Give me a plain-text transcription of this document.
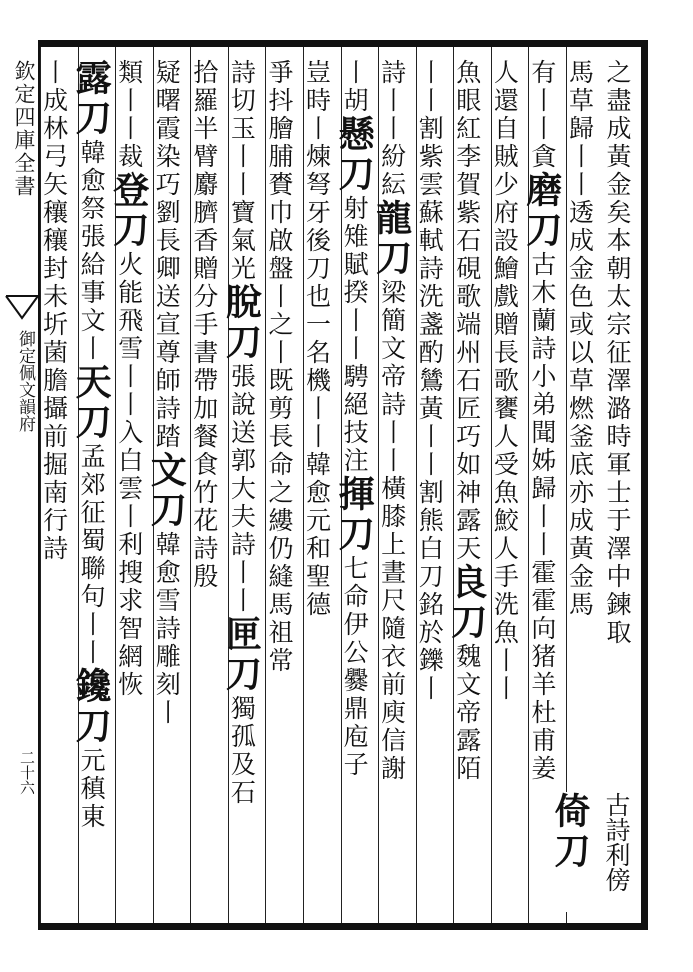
欽定四庫全書
御定佩文韻府
二十六
之盡成黃金矣本朝太宗征澤潞時軍士于澤中鍊取
馬草歸丨丨透成金色或以草燃釜底亦成黃金馬
有丨丨貪磨刀古木蘭詩小弟聞姊歸丨丨霍霍向猪羊杜甫姜
人還自賊少府設鱠戲贈長歌饔人受魚鮫人手洗魚丨丨
魚眼紅李賀紫石硯歌端州石匠巧如神露天良刀魏文帝露陌
丨丨割紫雲蘇軾詩洗盞酌鷥黃丨丨割熊白刀銘於鑠丨
詩丨丨紛紜龍刀梁簡文帝詩丨丨橫膝上晝尺隨衣前庾信謝
丨胡懸刀射雉賦揆丨丨騁絕技注揮刀七命伊公爨鼎庖子
豈時丨煉弩牙後刀也一名機丨丨韓愈元和聖德
爭抖膾脯賚巾啟盤丨之丨既剪長命之縷仍縫馬祖常
詩切玉丨丨寶氣光脫刀張說送郭大夫詩丨丨匣刀獨孤及石
拾羅半臂麝臍香贈分手書帶加餐食竹花詩殷
疑曙霞染巧劉長卿送宣尊師詩踏文刀韓愈雪詩雕刻丨
類丨丨裁登刀火能飛雪丨丨入白雲丨利搜求智網恢
露刀韓愈祭張給事文丨天刀孟郊征蜀聯句丨丨鑱刀元稹東
丨成林弓矢穰穰封未圻菌膽攝前掘南行詩
古詩利傍倚刀
